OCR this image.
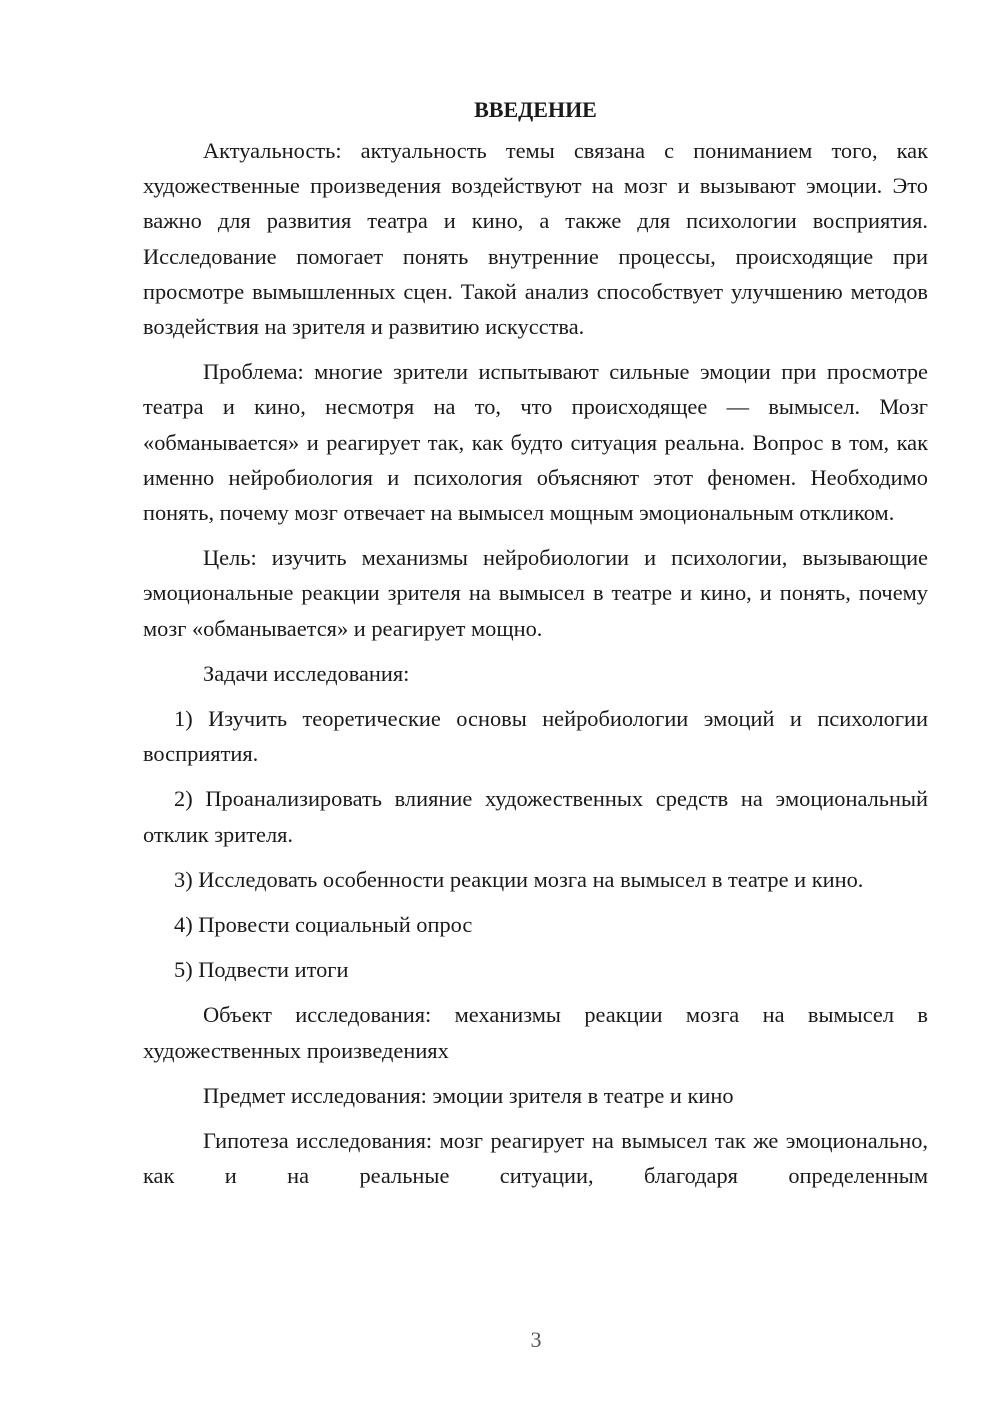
ВВЕДЕНИЕ

Актуальность: актуальность темы связана с пониманием того, как художественные произведения воздействуют на мозг и вызывают эмоции. Это важно для развития театра и кино, а также для психологии восприятия. Исследование помогает понять внутренние процессы, происходящие при просмотре вымышленных сцен. Такой анализ способствует улучшению методов воздействия на зрителя и развитию искусства.

Проблема: многие зрители испытывают сильные эмоции при просмотре театра и кино, несмотря на то, что происходящее — вымысел. Мозг «обманывается» и реагирует так, как будто ситуация реальна. Вопрос в том, как именно нейробиология и психология объясняют этот феномен. Необходимо понять, почему мозг отвечает на вымысел мощным эмоциональным откликом.

Цель: изучить механизмы нейробиологии и психологии, вызывающие эмоциональные реакции зрителя на вымысел в театре и кино, и понять, почему мозг «обманывается» и реагирует мощно.

Задачи исследования:

1) Изучить теоретические основы нейробиологии эмоций и психологии восприятия.

2) Проанализировать влияние художественных средств на эмоциональный отклик зрителя.

3) Исследовать особенности реакции мозга на вымысел в театре и кино.

4) Провести социальный опрос

5) Подвести итоги

Объект исследования: механизмы реакции мозга на вымысел в художественных произведениях

Предмет исследования: эмоции зрителя в театре и кино

Гипотеза исследования: мозг реагирует на вымысел так же эмоционально, как и на реальные ситуации, благодаря определенным

3
